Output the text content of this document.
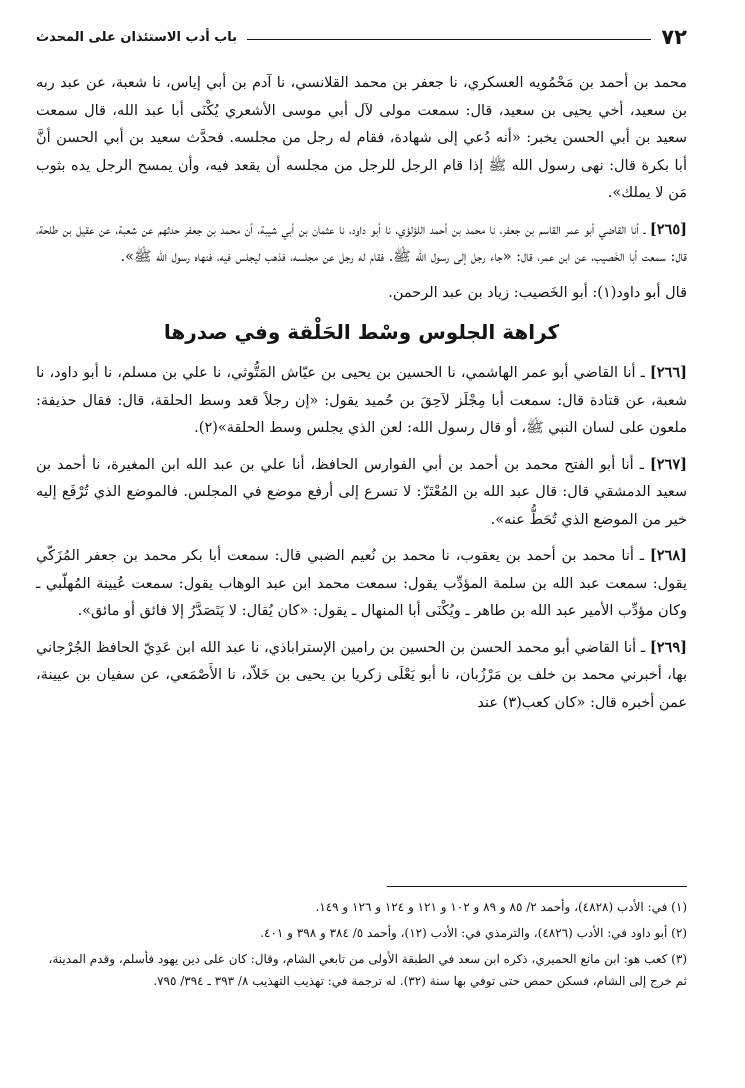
٧٢
باب أدب الاستئذان على المحدث

محمد بن أحمد بن مَحْمُويه العسكري، نا جعفر بن محمد القلانسي، نا آدم بن أبي إياس، نا شعبة، عن عبد ربه بن سعيد، أخي يحيى بن سعيد، قال: سمعت مولى لآل أبي موسى الأشعري يُكْنَى أبا عبد الله، قال سمعت سعيد بن أبي الحسن يخبر: «أنه دُعي إلى شهادة، فقام له رجل من مجلسه. فحدَّث سعيد بن أبي الحسن أنَّ أبا بكرة قال: نهى رسول الله ﷺ إذا قام الرجل للرجل من مجلسه أن يقعد فيه، وأن يمسح الرجل يده بثوب مَن لا يملك».

[٢٦٥] ـ أنا القاضي أبو عمر القاسم بن جعفر، نا محمد بن أحمد اللؤلؤي، نا أبو داود، نا عثمان بن أبي شيبة، أن محمد بن جعفر حدثهم عن شعبة، عن عقيل بن طلحة، قال: سمعت أبا الخَصيب، عن ابن عمر، قال: «جاء رجل إلى رسول الله ﷺ. فقام له رجل عن مجلسه، فذهب ليجلس فيه، فنهاه رسول الله ﷺ».

قال أبو داود(١): أبو الخَصيب: زياد بن عبد الرحمن.

كراهة الجلوس وسْط الحَلْقة وفي صدرها

[٢٦٦] ـ أنا القاضي أبو عمر الهاشمي، نا الحسين بن يحيى بن عيّاش المَتُّوثي، نا علي بن مسلم، نا أبو داود، نا شعبة، عن قتادة قال: سمعت أبا مِجْلَز لاَحِقَ بن حُميد يقول: «إن رجلاً قعد وسط الحلقة، قال: فقال حذيفة: ملعون على لسان النبي ﷺ، أو قال رسول الله: لعن الذي يجلس وسط الحلقة»(٢).

[٢٦٧] ـ أنا أبو الفتح محمد بن أحمد بن أبي الفوارس الحافظ، أنا علي بن عبد الله ابن المغيرة، نا أحمد بن سعيد الدمشقي قال: قال عبد الله بن المُعْتَزّ: لا تسرع إلى أرفع موضع في المجلس. فالموضع الذي تُرْفَع إليه خير من الموضع الذي تُحَطُّ عنه».

[٢٦٨] ـ أنا محمد بن أحمد بن يعقوب، نا محمد بن نُعيم الضبي قال: سمعت أبا بكر محمد بن جعفر المُزَكّي يقول: سمعت عبد الله بن سلمة المؤدِّب يقول: سمعت محمد ابن عبد الوهاب يقول: سمعت عُيينة المُهلّبي ـ وكان مؤدِّب الأمير عبد الله بن طاهر ـ ويُكْنَى أبا المنهال ـ يقول: «كان يُقال: لا يَتَصَدَّرُ إلا فائق أو مائق».

[٢٦٩] ـ أنا القاضي أبو محمد الحسن بن الحسين بن رامين الإستراباذي، نا عبد الله ابن عَدِيّ الحافظ الجُرْجاني بها، أخبرني محمد بن خلف بن مَرْزُبان، نا أبو يَعْلَى زكريا بن يحيى بن خَلاّد، نا الأَصْمَعي، عن سفيان بن عيينة، عمن أخبره قال: «كان كعب(٣) عند

(١) في: الأدب (٤٨٢٨)، وأحمد ٢/ ٨٥ و ٨٩ و ١٠٢ و ١٢١ و ١٢٤ و ١٢٦ و ١٤٩.

(٢) أبو داود في: الأدب (٤٨٢٦)، والترمذي في: الأدب (١٢)، وأحمد ٥/ ٣٨٤ و ٣٩٨ و ٤٠١.

(٣) كعب هو: ابن مانع الحميري، ذكره ابن سعد في الطبقة الأولى من تابعي الشام، وقال: كان على دين يهود فأسلم، وقدم المدينة، ثم خرج إلى الشام، فسكن حمص حتى توفي بها سنة (٣٢). له ترجمة في: تهذيب التهذيب ٨/ ٣٩٣ ـ ٣٩٤/ ٧٩٥.
